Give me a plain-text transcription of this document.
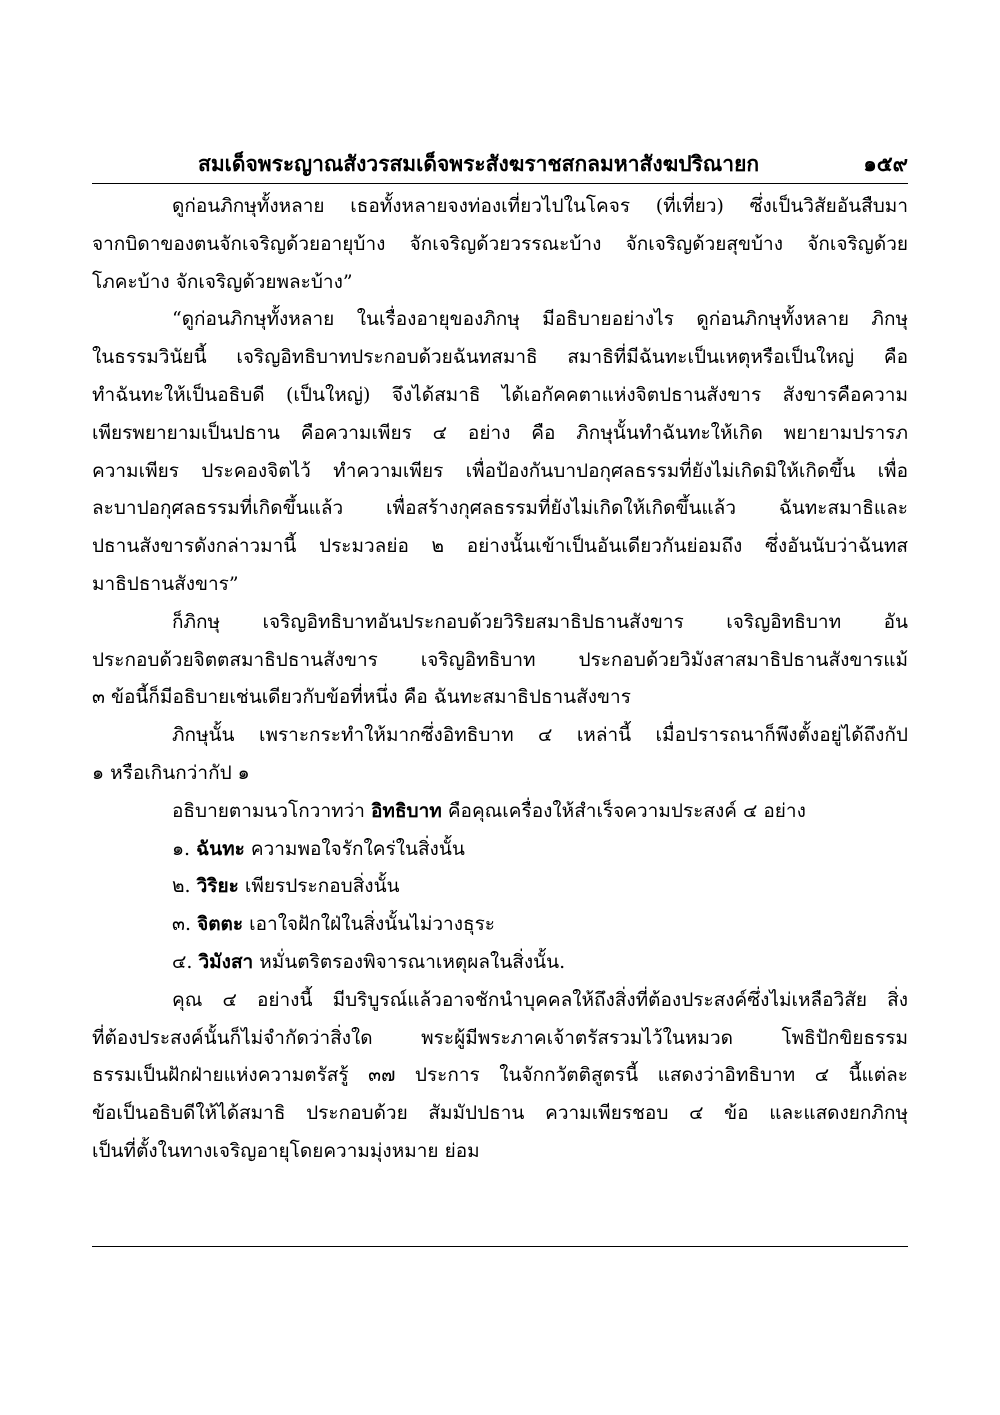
สมเด็จพระญาณสังวรสมเด็จพระสังฆราชสกลมหาสังฆปริณายก	๑๕๙
ดูก่อนภิกษุทั้งหลาย เธอทั้งหลายจงท่องเที่ยวไปในโคจร (ที่เที่ยว) ซึ่งเป็นวิสัยอันสืบมา
จากบิดาของตนจักเจริญด้วยอายุบ้าง จักเจริญด้วยวรรณะบ้าง จักเจริญด้วยสุขบ้าง จักเจริญด้วย
โภคะบ้าง จักเจริญด้วยพละบ้าง”
“ดูก่อนภิกษุทั้งหลาย ในเรื่องอายุของภิกษุ มีอธิบายอย่างไร ดูก่อนภิกษุทั้งหลาย ภิกษุ
ในธรรมวินัยนี้ เจริญอิทธิบาทประกอบด้วยฉันทสมาธิ สมาธิที่มีฉันทะเป็นเหตุหรือเป็นใหญ่ คือ
ทำฉันทะให้เป็นอธิบดี (เป็นใหญ่) จึงได้สมาธิ ได้เอกัคคตาแห่งจิตปธานสังขาร สังขารคือความ
เพียรพยายามเป็นปธาน คือความเพียร ๔ อย่าง คือ ภิกษุนั้นทำฉันทะให้เกิด พยายามปรารภ
ความเพียร ประคองจิตไว้ ทำความเพียร เพื่อป้องกันบาปอกุศลธรรมที่ยังไม่เกิดมิให้เกิดขึ้น เพื่อ
ละบาปอกุศลธรรมที่เกิดขึ้นแล้ว เพื่อสร้างกุศลธรรมที่ยังไม่เกิดให้เกิดขึ้นแล้ว ฉันทะสมาธิและ
ปธานสังขารดังกล่าวมานี้ ประมวลย่อ ๒ อย่างนั้นเข้าเป็นอันเดียวกันย่อมถึง ซึ่งอันนับว่าฉันทส
มาธิปธานสังขาร”
ก็ภิกษุ เจริญอิทธิบาทอันประกอบด้วยวิริยสมาธิปธานสังขาร เจริญอิทธิบาท อัน
ประกอบด้วยจิตตสมาธิปธานสังขาร เจริญอิทธิบาท ประกอบด้วยวิมังสาสมาธิปธานสังขารแม้
๓ ข้อนี้ก็มีอธิบายเช่นเดียวกับข้อที่หนึ่ง คือ ฉันทะสมาธิปธานสังขาร
ภิกษุนั้น เพราะกระทำให้มากซึ่งอิทธิบาท ๔ เหล่านี้ เมื่อปรารถนาก็พึงตั้งอยู่ได้ถึงกัป
๑ หรือเกินกว่ากัป ๑
อธิบายตามนวโกวาทว่า อิทธิบาท คือคุณเครื่องให้สำเร็จความประสงค์ ๔ อย่าง
๑. ฉันทะ ความพอใจรักใคร่ในสิ่งนั้น
๒. วิริยะ เพียรประกอบสิ่งนั้น
๓. จิตตะ เอาใจฝักใฝ่ในสิ่งนั้นไม่วางธุระ
๔. วิมังสา หมั่นตริตรองพิจารณาเหตุผลในสิ่งนั้น.
คุณ ๔ อย่างนี้ มีบริบูรณ์แล้วอาจชักนำบุคคลให้ถึงสิ่งที่ต้องประสงค์ซึ่งไม่เหลือวิสัย สิ่ง
ที่ต้องประสงค์นั้นก็ไม่จำกัดว่าสิ่งใด พระผู้มีพระภาคเจ้าตรัสรวมไว้ในหมวด โพธิปักขิยธรรม
ธรรมเป็นฝักฝ่ายแห่งความตรัสรู้ ๓๗ ประการ ในจักกวัตติสูตรนี้ แสดงว่าอิทธิบาท ๔ นี้แต่ละ
ข้อเป็นอธิบดีให้ได้สมาธิ ประกอบด้วย สัมมัปปธาน ความเพียรชอบ ๔ ข้อ และแสดงยกภิกษุ
เป็นที่ตั้งในทางเจริญอายุโดยความมุ่งหมาย ย่อม
